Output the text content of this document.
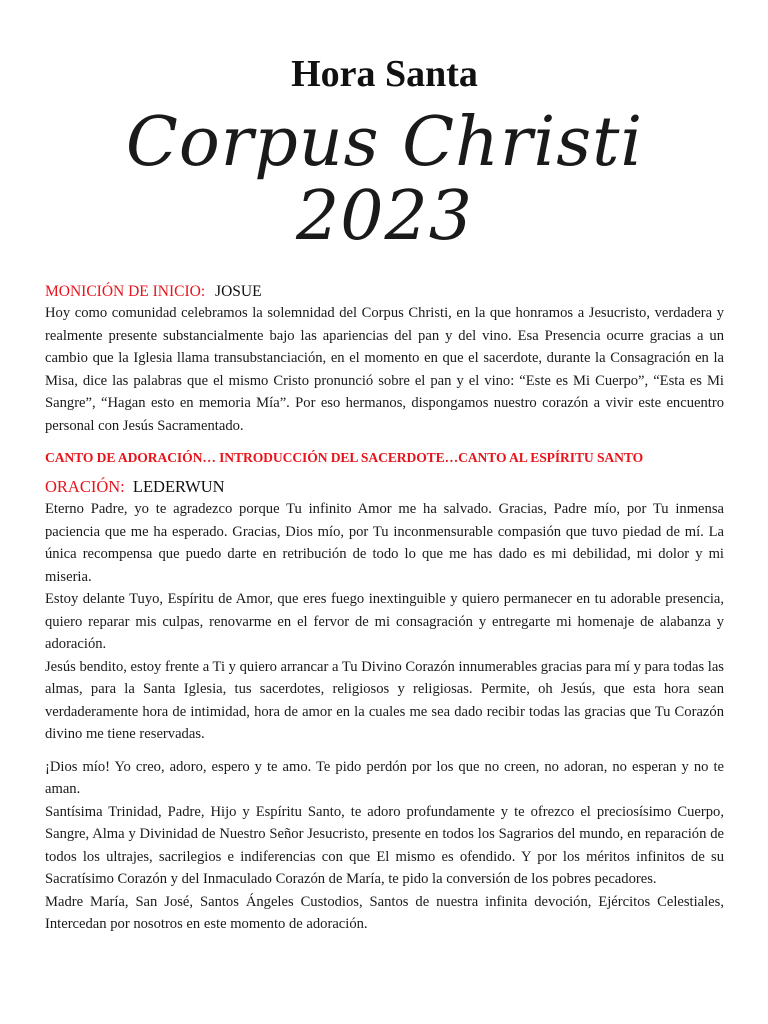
Hora Santa
Corpus Christi 2023
MONICIÓN DE INICIO: JOSUE

Hoy como comunidad celebramos la solemnidad del Corpus Christi, en la que honramos a Jesucristo, verdadera y realmente presente substancialmente bajo las apariencias del pan y del vino. Esa Presencia ocurre gracias a un cambio que la Iglesia llama transubstanciación, en el momento en que el sacerdote, durante la Consagración en la Misa, dice las palabras que el mismo Cristo pronunció sobre el pan y el vino: “Este es Mi Cuerpo”, “Esta es Mi Sangre”, “Hagan esto en memoria Mía”. Por eso hermanos, dispongamos nuestro corazón a vivir este encuentro personal con Jesús Sacramentado.

CANTO DE ADORACIÓN… INTRODUCCIÓN DEL SACERDOTE…CANTO AL ESPÍRITU SANTO
ORACIÓN: LEDERWUN

Eterno Padre, yo te agradezco porque Tu infinito Amor me ha salvado. Gracias, Padre mío, por Tu inmensa paciencia que me ha esperado. Gracias, Dios mío, por Tu inconmensurable compasión que tuvo piedad de mí. La única recompensa que puedo darte en retribución de todo lo que me has dado es mi debilidad, mi dolor y mi miseria.

Estoy delante Tuyo, Espíritu de Amor, que eres fuego inextinguible y quiero permanecer en tu adorable presencia, quiero reparar mis culpas, renovarme en el fervor de mi consagración y entregarte mi homenaje de alabanza y adoración.

Jesús bendito, estoy frente a Ti y quiero arrancar a Tu Divino Corazón innumerables gracias para mí y para todas las almas, para la Santa Iglesia, tus sacerdotes, religiosos y religiosas. Permite, oh Jesús, que esta hora sean verdaderamente hora de intimidad, hora de amor en la cuales me sea dado recibir todas las gracias que Tu Corazón divino me tiene reservadas.

¡Dios mío! Yo creo, adoro, espero y te amo. Te pido perdón por los que no creen, no adoran, no esperan y no te aman.

Santísima Trinidad, Padre, Hijo y Espíritu Santo, te adoro profundamente y te ofrezco el preciosísimo Cuerpo, Sangre, Alma y Divinidad de Nuestro Señor Jesucristo, presente en todos los Sagrarios del mundo, en reparación de todos los ultrajes, sacrilegios e indiferencias con que El mismo es ofendido. Y por los méritos infinitos de su Sacratísimo Corazón y del Inmaculado Corazón de María, te pido la conversión de los pobres pecadores.

Madre María, San José, Santos Ángeles Custodios, Santos de nuestra infinita devoción, Ejércitos Celestiales, Intercedan por nosotros en este momento de adoración.
